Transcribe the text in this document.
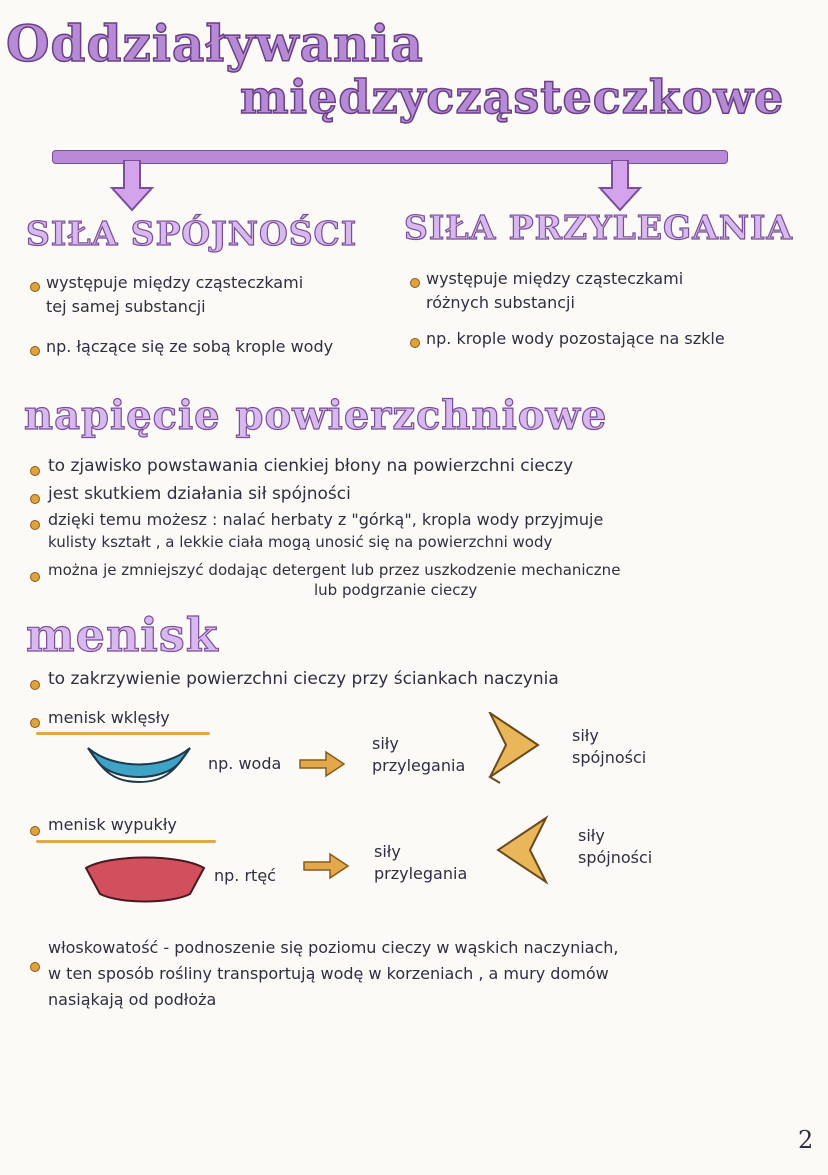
Oddziaływania
międzycząsteczkowe
SIŁA SPÓJNOŚCI
występuje między cząsteczkami
tej samej substancji
np. łączące się ze sobą krople wody
SIŁA PRZYLEGANIA
występuje między cząsteczkami
różnych substancji
np. krople wody pozostające na szkle
napięcie powierzchniowe
to zjawisko powstawania cienkiej błony na powierzchni cieczy
jest skutkiem działania sił spójności
dzięki temu możesz : nalać herbaty z "górką", kropla wody przyjmuje
kulisty kształt , a lekkie ciała mogą unosić się na powierzchni wody
można je zmniejszyć dodając detergent lub przez uszkodzenie mechaniczne
lub podgrzanie cieczy
menisk
to zakrzywienie powierzchni cieczy przy ściankach naczynia
menisk wklęsły
np. woda
siły
przylegania
siły
spójności
menisk wypukły
np. rtęć
siły
przylegania
siły
spójności
włoskowatość - podnoszenie się poziomu cieczy w wąskich naczyniach,
w ten sposób rośliny transportują wodę w korzeniach , a mury domów
nasiąkają od podłoża
2
